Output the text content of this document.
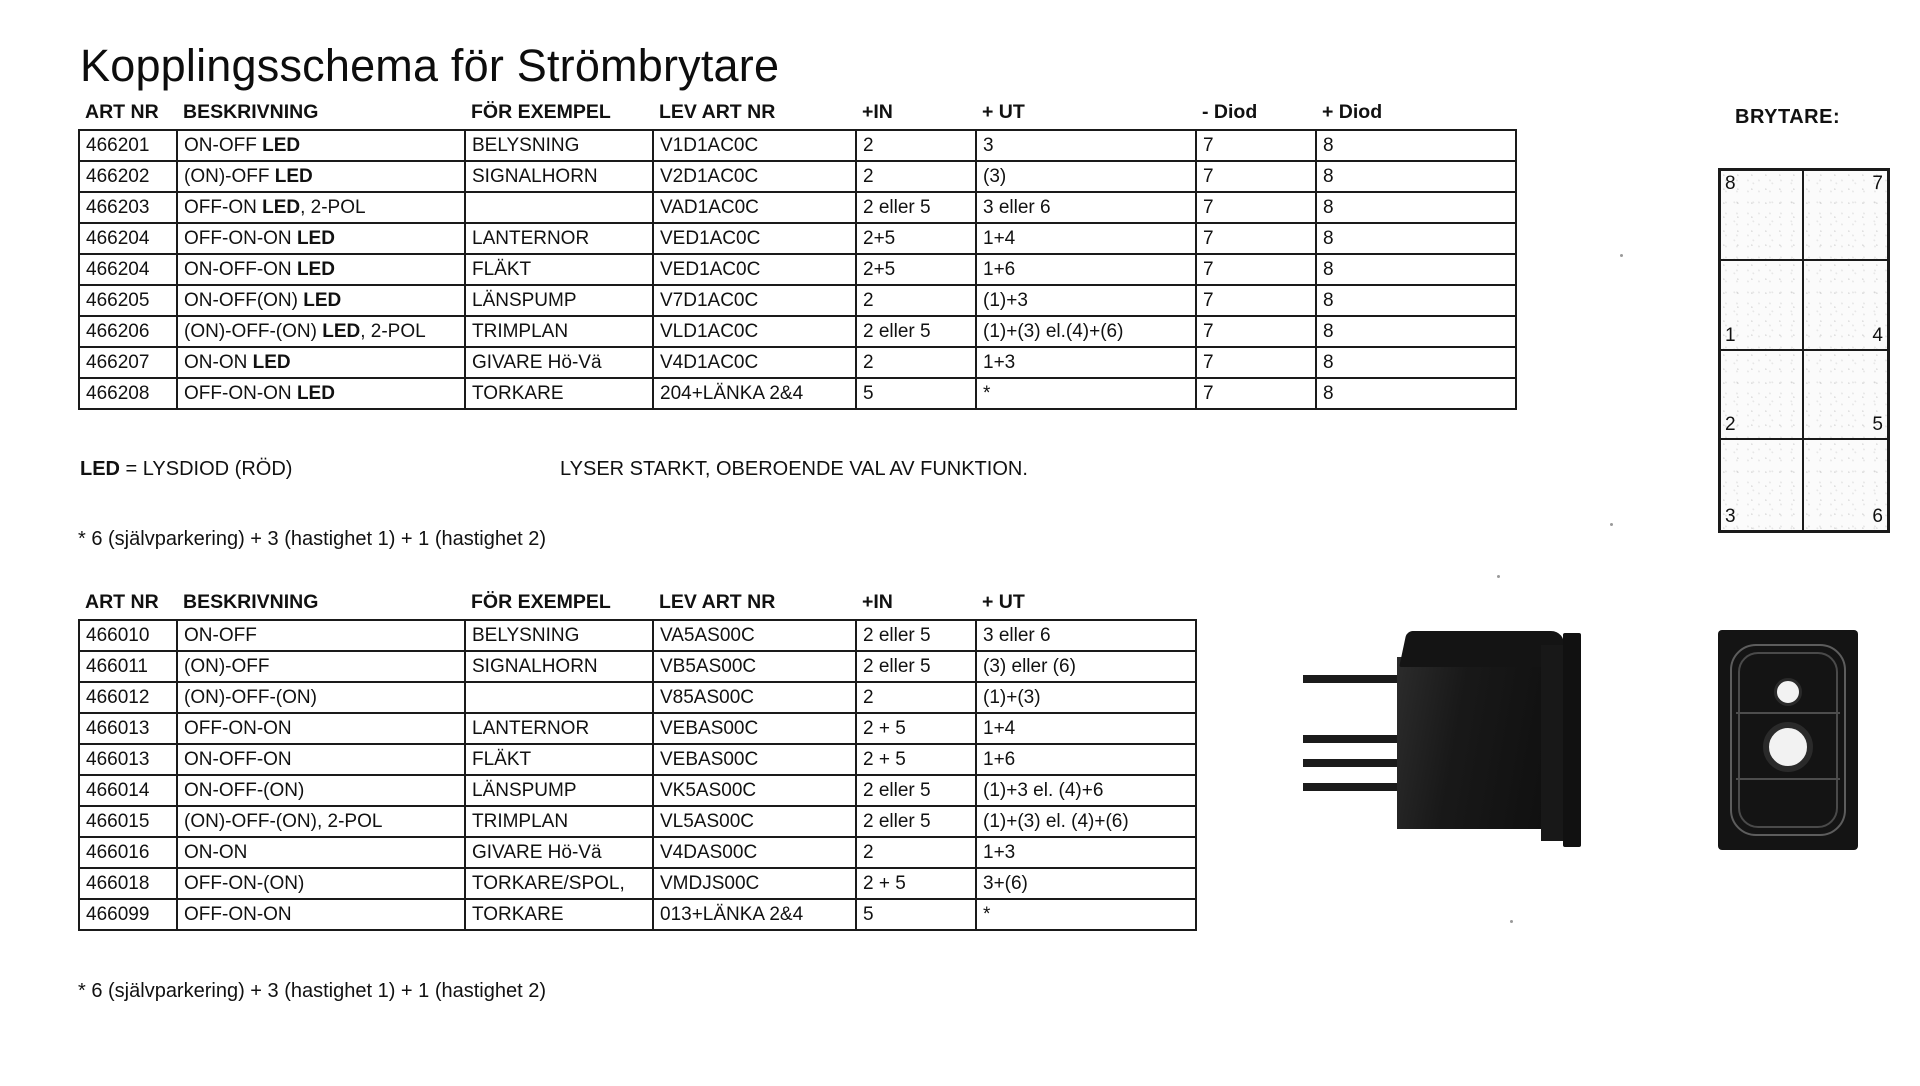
Kopplingsschema för Strömbrytare
ART NR	BESKRIVNING	FÖR EXEMPEL	LEV ART NR	+IN	+ UT	- Diod	+ Diod
466201	ON-OFF LED	BELYSNING	V1D1AC0C	2	3	7	8
466202	(ON)-OFF LED	SIGNALHORN	V2D1AC0C	2	(3)	7	8
466203	OFF-ON LED, 2-POL		VAD1AC0C	2 eller 5	3 eller 6	7	8
466204	OFF-ON-ON LED	LANTERNOR	VED1AC0C	2+5	1+4	7	8
466204	ON-OFF-ON LED	FLÄKT	VED1AC0C	2+5	1+6	7	8
466205	ON-OFF(ON) LED	LÄNSPUMP	V7D1AC0C	2	(1)+3	7	8
466206	(ON)-OFF-(ON) LED, 2-POL	TRIMPLAN	VLD1AC0C	2 eller 5	(1)+(3) el.(4)+(6)	7	8
466207	ON-ON LED	GIVARE Hö-Vä	V4D1AC0C	2	1+3	7	8
466208	OFF-ON-ON LED	TORKARE	204+LÄNKA 2&4	5	*	7	8
LED = LYSDIOD (RÖD)	LYSER STARKT, OBEROENDE VAL AV FUNKTION.
* 6 (självparkering) + 3 (hastighet 1) + 1 (hastighet 2)
ART NR	BESKRIVNING	FÖR EXEMPEL	LEV ART NR	+IN	+ UT
466010	ON-OFF	BELYSNING	VA5AS00C	2 eller 5	3 eller 6
466011	(ON)-OFF	SIGNALHORN	VB5AS00C	2 eller 5	(3) eller (6)
466012	(ON)-OFF-(ON)		V85AS00C	2	(1)+(3)
466013	OFF-ON-ON	LANTERNOR	VEBAS00C	2 + 5	1+4
466013	ON-OFF-ON	FLÄKT	VEBAS00C	2 + 5	1+6
466014	ON-OFF-(ON)	LÄNSPUMP	VK5AS00C	2 eller 5	(1)+3 el. (4)+6
466015	(ON)-OFF-(ON), 2-POL	TRIMPLAN	VL5AS00C	2 eller 5	(1)+(3) el. (4)+(6)
466016	ON-ON	GIVARE Hö-Vä	V4DAS00C	2	1+3
466018	OFF-ON-(ON)	TORKARE/SPOL,	VMDJS00C	2 + 5	3+(6)
466099	OFF-ON-ON	TORKARE	013+LÄNKA 2&4	5	*
* 6 (självparkering) + 3 (hastighet 1) + 1 (hastighet 2)
BRYTARE:
8	7
1	4
2	5
3	6
